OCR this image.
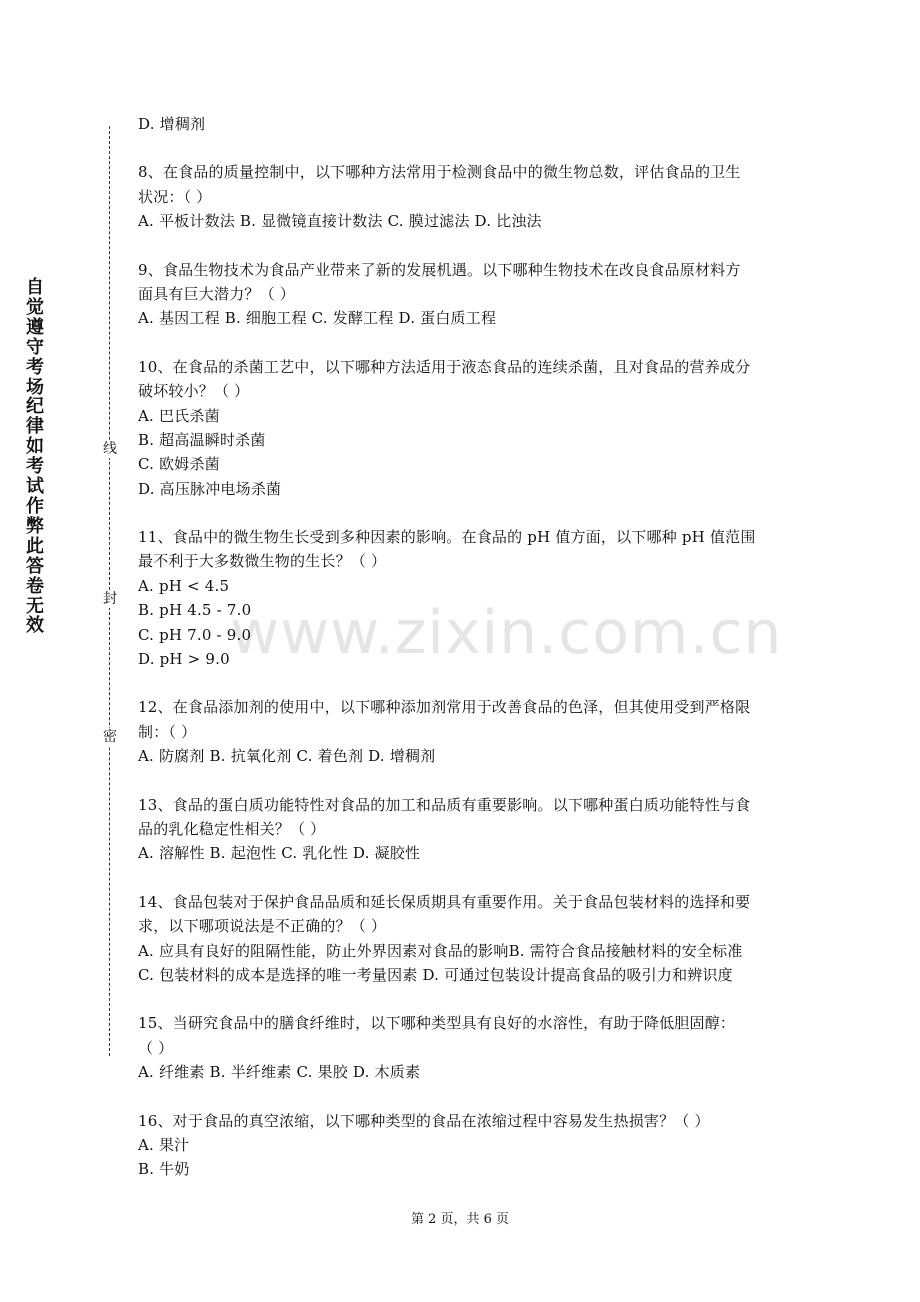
自觉遵守考场纪律如考试作弊此答卷无效
线
封
密
www.zixin.com.cn
D. 增稠剂
8、在食品的质量控制中，以下哪种方法常用于检测食品中的微生物总数，评估食品的卫生
状况：（ ）
A. 平板计数法 B. 显微镜直接计数法 C. 膜过滤法 D. 比浊法
9、食品生物技术为食品产业带来了新的发展机遇。以下哪种生物技术在改良食品原材料方
面具有巨大潜力？（ ）
A. 基因工程 B. 细胞工程 C. 发酵工程 D. 蛋白质工程
10、在食品的杀菌工艺中，以下哪种方法适用于液态食品的连续杀菌，且对食品的营养成分
破坏较小？（ ）
A. 巴氏杀菌
B. 超高温瞬时杀菌
C. 欧姆杀菌
D. 高压脉冲电场杀菌
11、食品中的微生物生长受到多种因素的影响。在食品的 pH 值方面，以下哪种 pH 值范围
最不利于大多数微生物的生长？（ ）
A. pH < 4.5
B. pH 4.5 - 7.0
C. pH 7.0 - 9.0
D. pH > 9.0
12、在食品添加剂的使用中，以下哪种添加剂常用于改善食品的色泽，但其使用受到严格限
制：（ ）
A. 防腐剂 B. 抗氧化剂 C. 着色剂 D. 增稠剂
13、食品的蛋白质功能特性对食品的加工和品质有重要影响。以下哪种蛋白质功能特性与食
品的乳化稳定性相关？（ ）
A. 溶解性 B. 起泡性 C. 乳化性 D. 凝胶性
14、食品包装对于保护食品品质和延长保质期具有重要作用。关于食品包装材料的选择和要
求，以下哪项说法是不正确的？（ ）
A. 应具有良好的阻隔性能，防止外界因素对食品的影响B. 需符合食品接触材料的安全标准
C. 包装材料的成本是选择的唯一考量因素 D. 可通过包装设计提高食品的吸引力和辨识度
15、当研究食品中的膳食纤维时，以下哪种类型具有良好的水溶性，有助于降低胆固醇：
（ ）
A. 纤维素 B. 半纤维素 C. 果胶 D. 木质素
16、对于食品的真空浓缩，以下哪种类型的食品在浓缩过程中容易发生热损害？（ ）
A. 果汁
B. 牛奶
第 2 页，共 6 页
